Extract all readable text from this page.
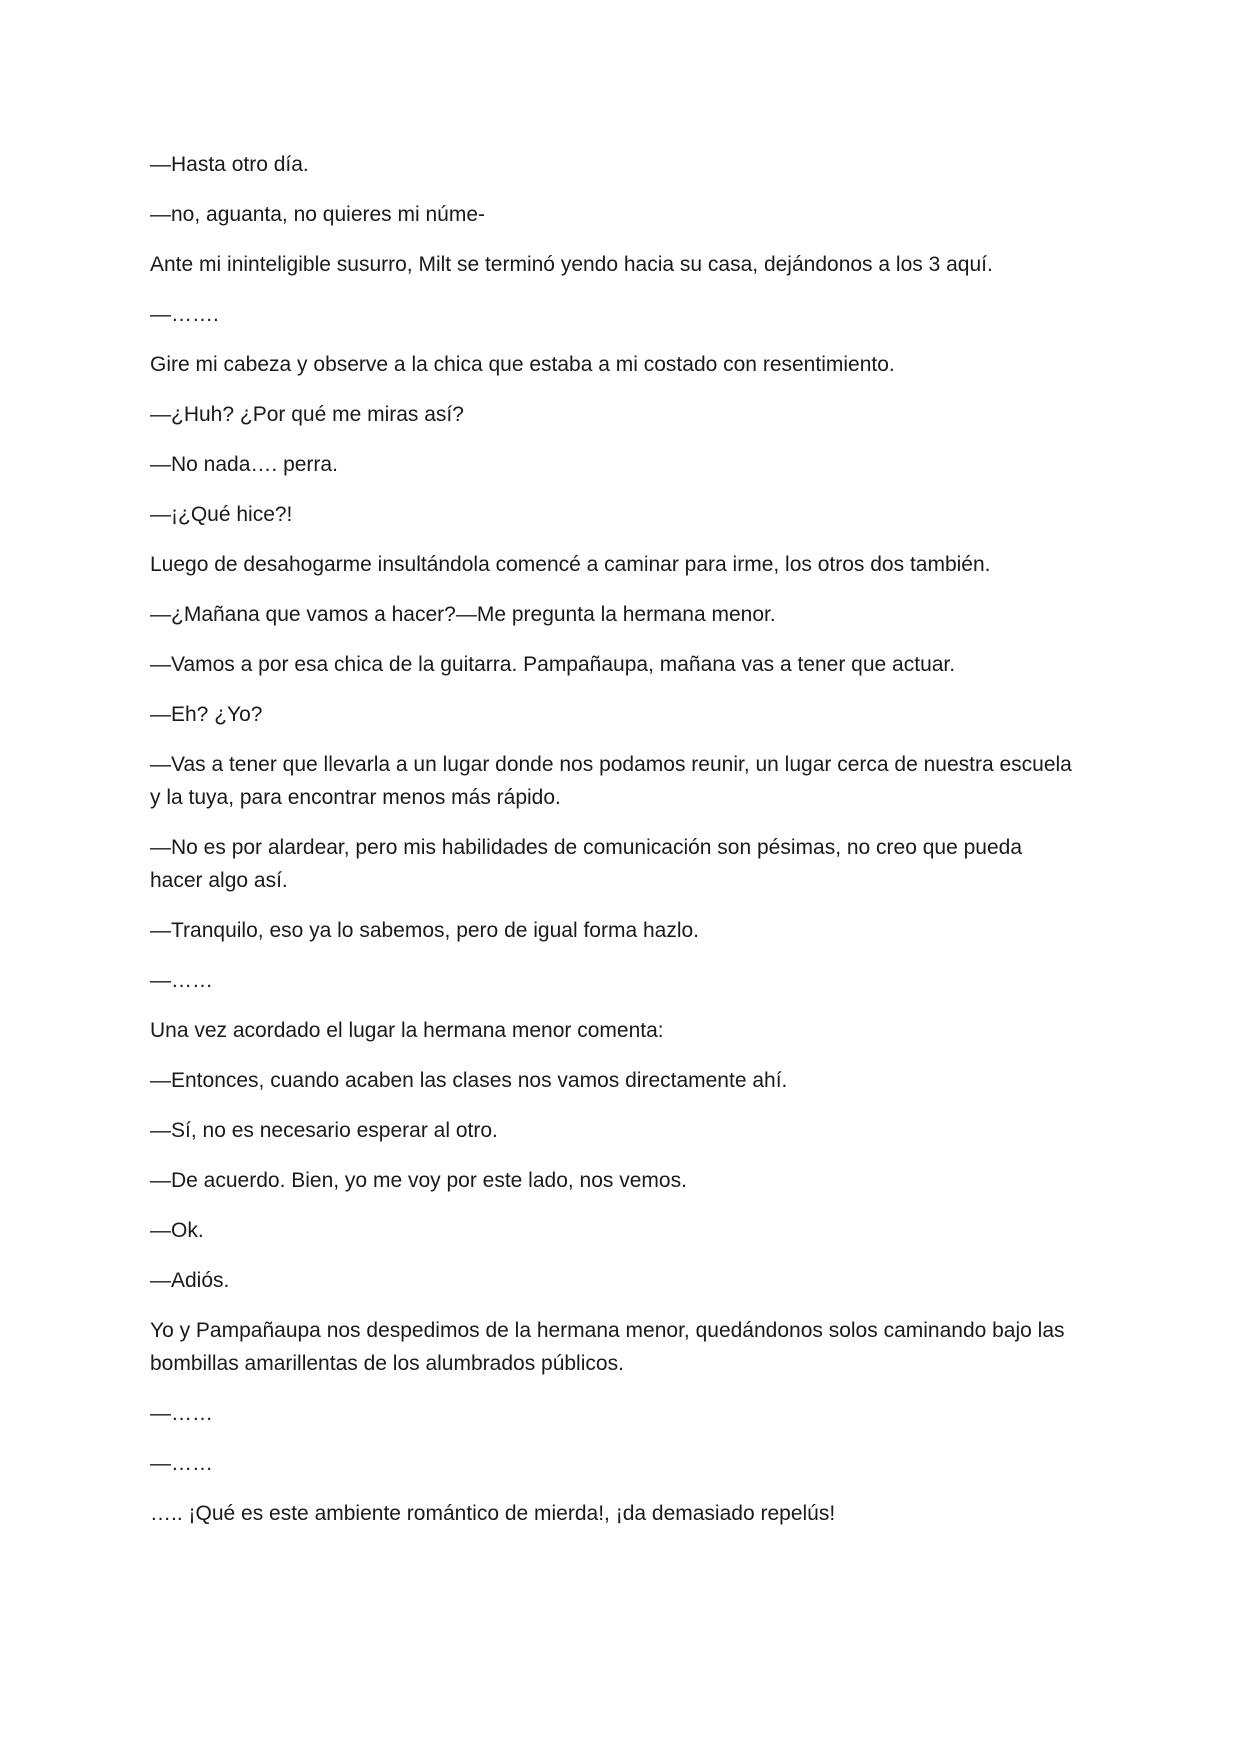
—Hasta otro día.

—no, aguanta, no quieres mi núme-

Ante mi ininteligible susurro, Milt se terminó yendo hacia su casa, dejándonos a los 3 aquí.

—…….

Gire mi cabeza y observe a la chica que estaba a mi costado con resentimiento.

—¿Huh? ¿Por qué me miras así?

—No nada…. perra.

—¡¿Qué hice?!

Luego de desahogarme insultándola comencé a caminar para irme, los otros dos también.

—¿Mañana que vamos a hacer?—Me pregunta la hermana menor.

—Vamos a por esa chica de la guitarra. Pampañaupa, mañana vas a tener que actuar.

—Eh? ¿Yo?

—Vas a tener que llevarla a un lugar donde nos podamos reunir, un lugar cerca de nuestra escuela y la tuya, para encontrar menos más rápido.

—No es por alardear, pero mis habilidades de comunicación son pésimas, no creo que pueda hacer algo así.

—Tranquilo, eso ya lo sabemos, pero de igual forma hazlo.

—……

Una vez acordado el lugar la hermana menor comenta:

—Entonces, cuando acaben las clases nos vamos directamente ahí.

—Sí, no es necesario esperar al otro.

—De acuerdo. Bien, yo me voy por este lado, nos vemos.

—Ok.

—Adiós.

Yo y Pampañaupa nos despedimos de la hermana menor, quedándonos solos caminando bajo las bombillas amarillentas de los alumbrados públicos.

—……

—……

….. ¡Qué es este ambiente romántico de mierda!, ¡da demasiado repelús!
